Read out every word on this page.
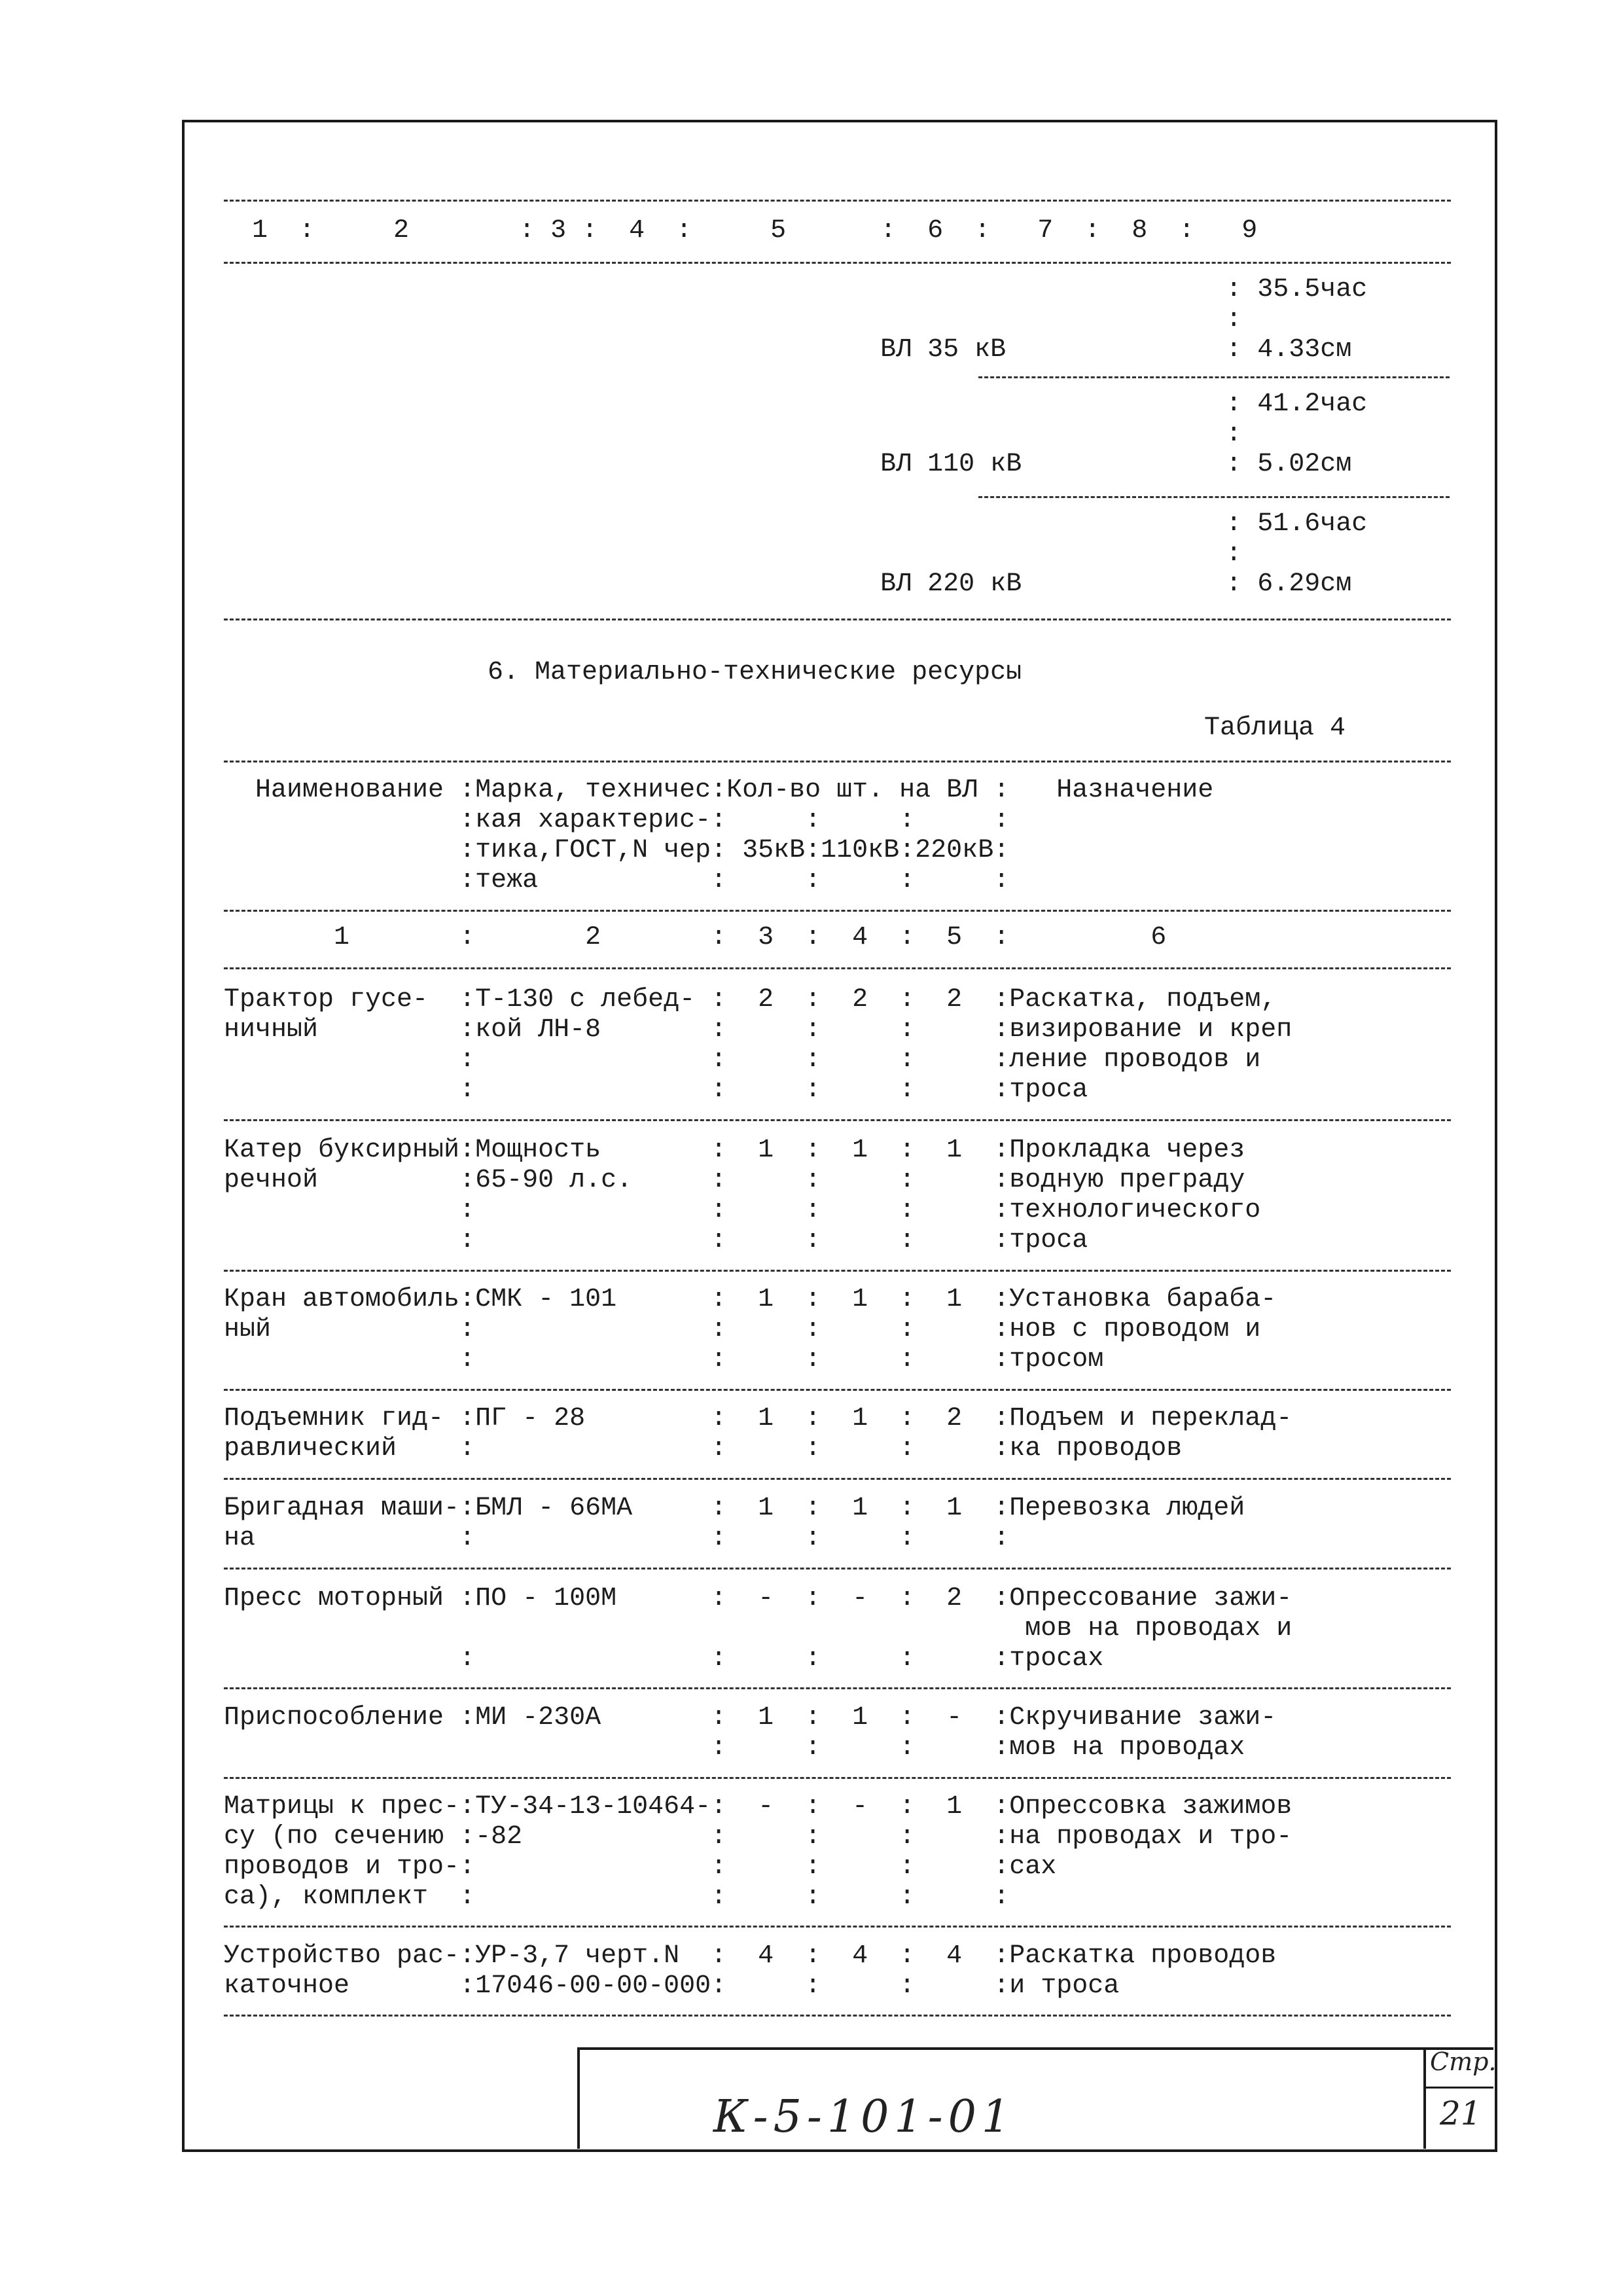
1  :     2       : 3 :  4  :     5      :  6  :   7  :  8  :   9
: 35.5час
:
ВЛ 35 кВ              : 4.33см
: 41.2час
:
ВЛ 110 кВ             : 5.02см
: 51.6час
:
ВЛ 220 кВ             : 6.29см
6. Материально-технические ресурсы
Таблица 4
Наименование :Марка, техничес:Кол-во шт. на ВЛ :   Назначение
:кая характерис-:     :     :     :
:тика,ГОСТ,N чер: 35кВ:110кВ:220кВ:
:тежа           :     :     :     :
1       :       2       :  3  :  4  :  5  :         6
Трактор гусе-  :Т-130 с лебед- :  2  :  2  :  2  :Раскатка, подъем,
ничный         :кой ЛН-8       :     :     :     :визирование и креп
:               :     :     :     :ление проводов и
:               :     :     :     :троса
Катер буксирный:Мощность       :  1  :  1  :  1  :Прокладка через
речной         :65-90 л.с.     :     :     :     :водную преграду
:               :     :     :     :технологического
:               :     :     :     :троса
Кран автомобиль:СМК - 101      :  1  :  1  :  1  :Установка бараба-
ный            :               :     :     :     :нов с проводом и
:               :     :     :     :тросом
Подъемник гид- :ПГ - 28        :  1  :  1  :  2  :Подъем и переклад-
равлический    :               :     :     :     :ка проводов
Бригадная маши-:БМЛ - 66МА     :  1  :  1  :  1  :Перевозка людей
на             :               :     :     :     :
Пресс моторный :ПО - 100М      :  -  :  -  :  2  :Опрессование зажи-
мов на проводах и
:               :     :     :     :тросах
Приспособление :МИ -230А       :  1  :  1  :  -  :Скручивание зажи-
:     :     :     :мов на проводах
Матрицы к прес-:ТУ-34-13-10464-:  -  :  -  :  1  :Опрессовка зажимов
су (по сечению :-82            :     :     :     :на проводах и тро-
проводов и тро-:               :     :     :     :сах
са), комплект  :               :     :     :     :
Устройство рас-:УР-3,7 черт.N  :  4  :  4  :  4  :Раскатка проводов
каточное       :17046-00-00-000:     :     :     :и троса
К-5-101-01
Стр.
21
